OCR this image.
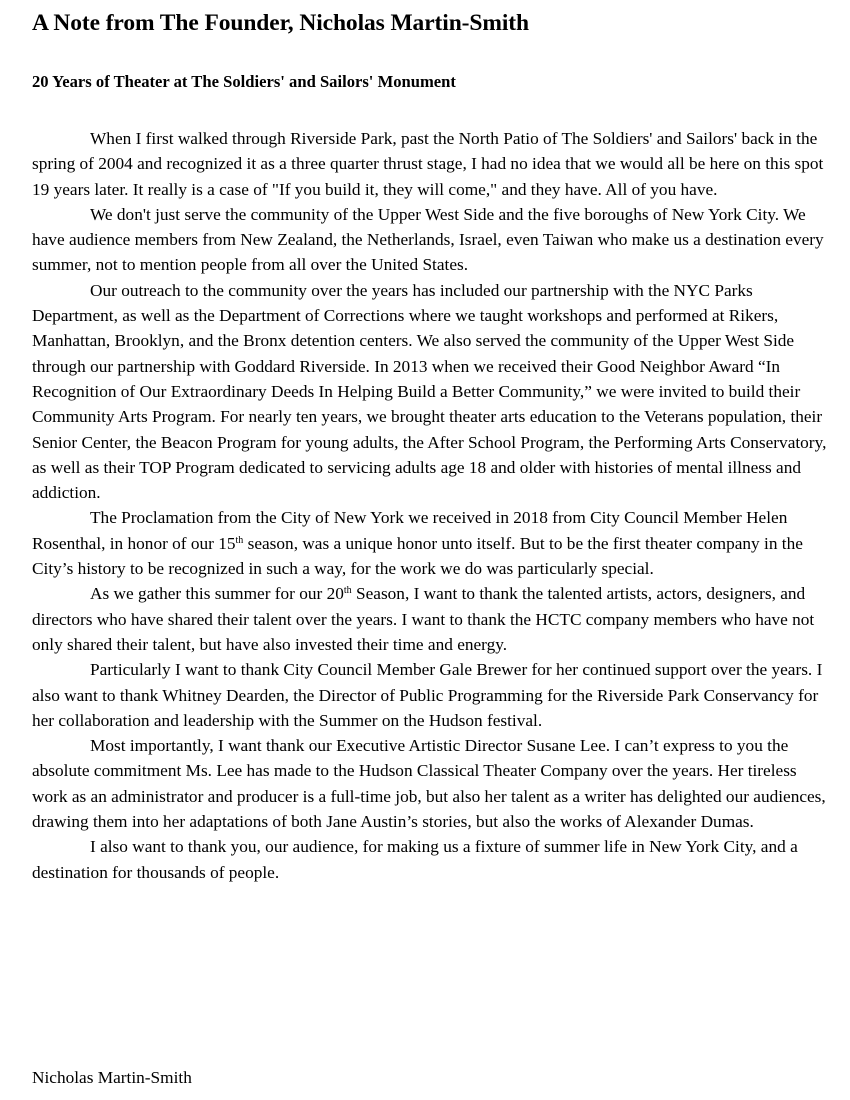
A Note from The Founder, Nicholas Martin-Smith
20 Years of Theater at The Soldiers' and Sailors' Monument

When I first walked through Riverside Park, past the North Patio of The Soldiers' and Sailors' back in the spring of 2004 and recognized it as a three quarter thrust stage, I had no idea that we would all be here on this spot 19 years later. It really is a case of "If you build it, they will come," and they have. All of you have.

We don't just serve the community of the Upper West Side and the five boroughs of New York City. We have audience members from New Zealand, the Netherlands, Israel, even Taiwan who make us a destination every summer, not to mention people from all over the United States.

Our outreach to the community over the years has included our partnership with the NYC Parks Department, as well as the Department of Corrections where we taught workshops and performed at Rikers, Manhattan, Brooklyn, and the Bronx detention centers. We also served the community of the Upper West Side through our partnership with Goddard Riverside. In 2013 when we received their Good Neighbor Award “In Recognition of Our Extraordinary Deeds In Helping Build a Better Community,” we were invited to build their Community Arts Program. For nearly ten years, we brought theater arts education to the Veterans population, their Senior Center, the Beacon Program for young adults, the After School Program, the Performing Arts Conservatory, as well as their TOP Program dedicated to servicing adults age 18 and older with histories of mental illness and addiction.

The Proclamation from the City of New York we received in 2018 from City Council Member Helen Rosenthal, in honor of our 15th season, was a unique honor unto itself. But to be the first theater company in the City’s history to be recognized in such a way, for the work we do was particularly special.

As we gather this summer for our 20th Season, I want to thank the talented artists, actors, designers, and directors who have shared their talent over the years. I want to thank the HCTC company members who have not only shared their talent, but have also invested their time and energy.

Particularly I want to thank City Council Member Gale Brewer for her continued support over the years. I also want to thank Whitney Dearden, the Director of Public Programming for the Riverside Park Conservancy for her collaboration and leadership with the Summer on the Hudson festival.

Most importantly, I want thank our Executive Artistic Director Susane Lee. I can’t express to you the absolute commitment Ms. Lee has made to the Hudson Classical Theater Company over the years. Her tireless work as an administrator and producer is a full-time job, but also her talent as a writer has delighted our audiences, drawing them into her adaptations of both Jane Austin’s stories, but also the works of Alexander Dumas.

I also want to thank you, our audience, for making us a fixture of summer life in New York City, and a destination for thousands of people.

Nicholas Martin-Smith
